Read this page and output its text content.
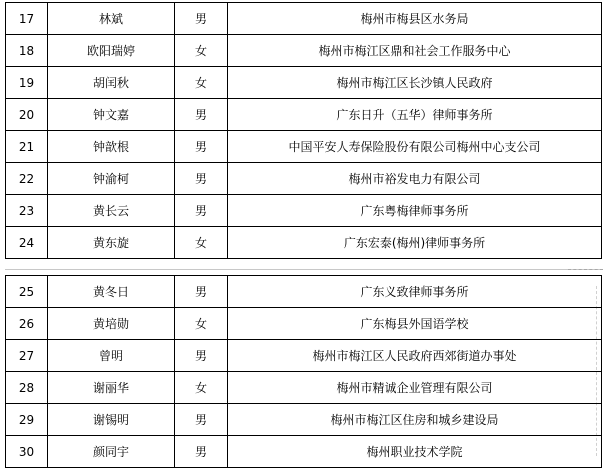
17	林斌	男	梅州市梅县区水务局
18	欧阳瑞婷	女	梅州市梅江区鼎和社会工作服务中心
19	胡闰秋	女	梅州市梅江区长沙镇人民政府
20	钟文嘉	男	广东日升（五华）律师事务所
21	钟歆根	男	中国平安人寿保险股份有限公司梅州中心支公司
22	钟渝柯	男	梅州市裕发电力有限公司
23	黄长云	男	广东粤梅律师事务所
24	黄东旋	女	广东宏泰(梅州)律师事务所
25	黄冬日	男	广东义致律师事务所
26	黄培勋	女	广东梅县外国语学校
27	曾明	男	梅州市梅江区人民政府西郊街道办事处
28	谢丽华	女	梅州市精诚企业管理有限公司
29	谢锡明	男	梅州市梅江区住房和城乡建设局
30	颜同宇	男	梅州职业技术学院
